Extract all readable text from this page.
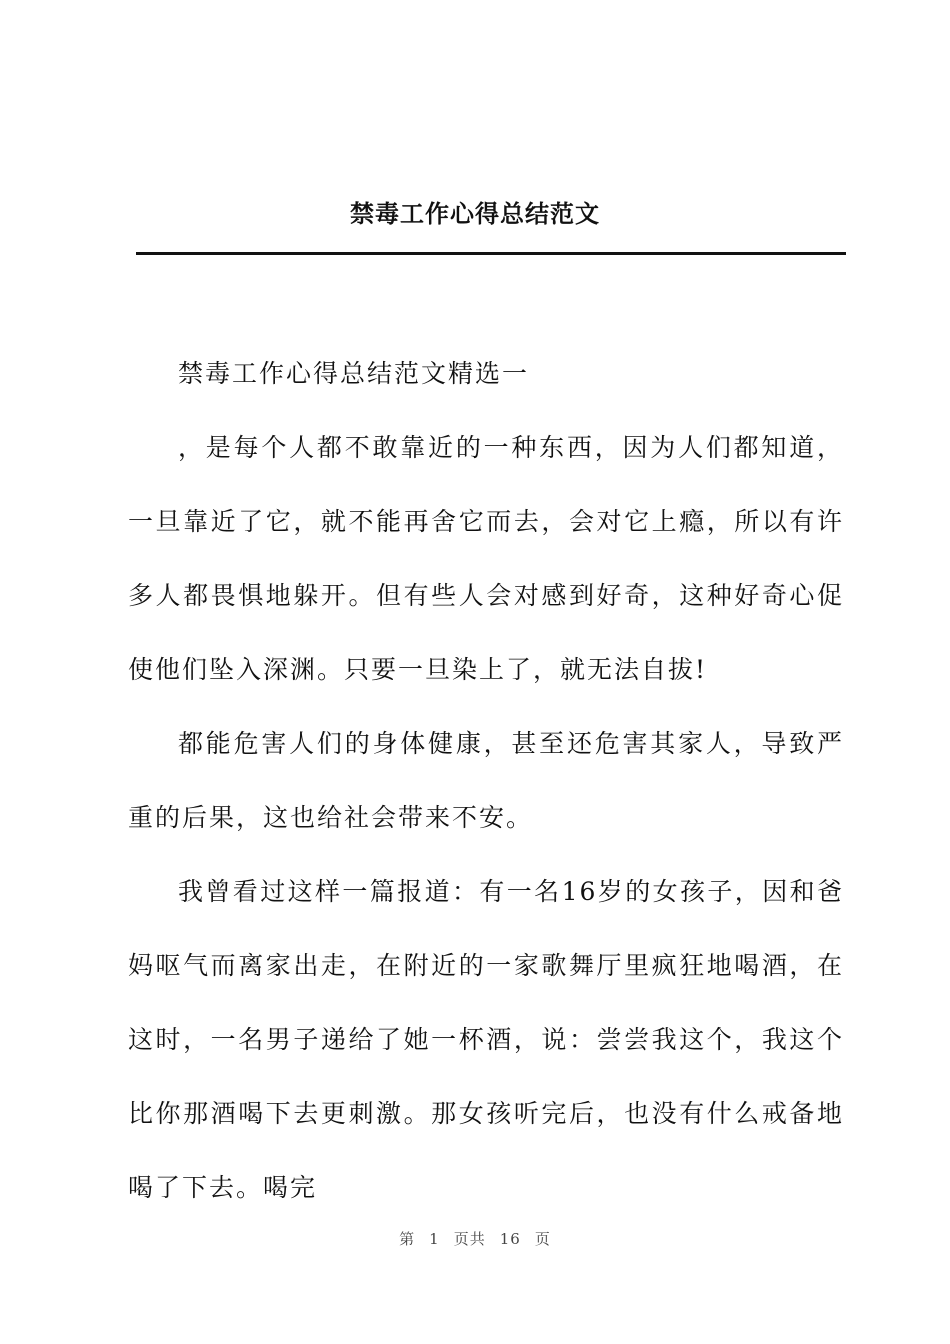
禁毒工作心得总结范文

禁毒工作心得总结范文精选一

，是每个人都不敢靠近的一种东西，因为人们都知道，一旦靠近了它，就不能再舍它而去，会对它上瘾，所以有许多人都畏惧地躲开。但有些人会对感到好奇，这种好奇心促使他们坠入深渊。只要一旦染上了，就无法自拔!

都能危害人们的身体健康，甚至还危害其家人，导致严重的后果，这也给社会带来不安。

我曾看过这样一篇报道：有一名16岁的女孩子，因和爸妈呕气而离家出走，在附近的一家歌舞厅里疯狂地喝酒，在这时，一名男子递给了她一杯酒，说：尝尝我这个，我这个比你那酒喝下去更刺激。那女孩听完后，也没有什么戒备地喝了下去。喝完

第 1 页共 16 页
